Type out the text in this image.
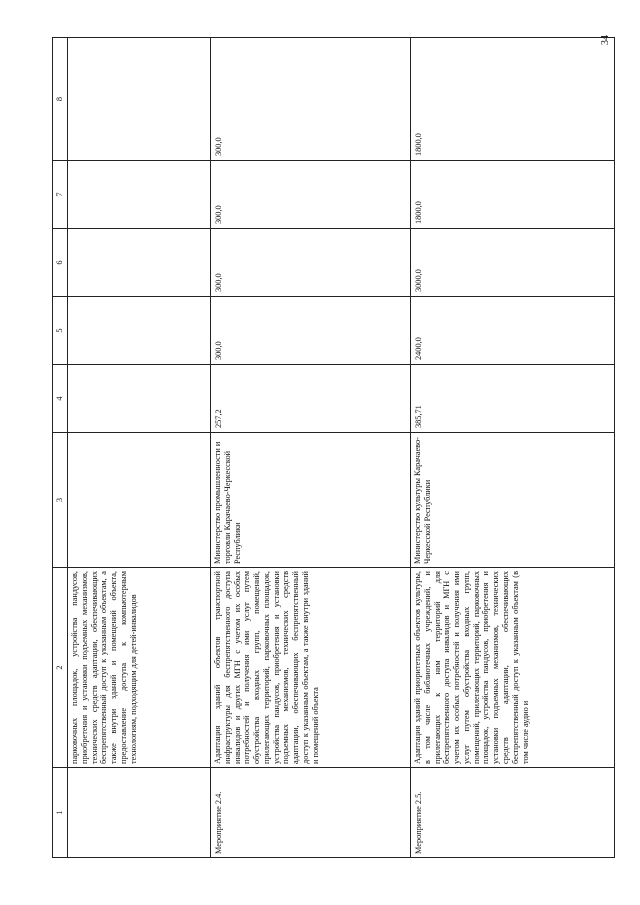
34
1	2	3	4	5	6	7	8
	парковочных площадок, устройства пандусов, приобретения и установки подъемных механизмов, технических средств адаптации, обеспечивающих беспрепятственный доступ к указанным объектам, а также внутри зданий и помещений объекта, предоставление доступа к компьютерным технологиям, подходящим для детей-инвалидов						
Мероприятие 2.4.	Адаптация зданий объектов транспортной инфраструктуры для беспрепятственного доступа инвалидов и других МГН с учетом их особых потребностей и получения ими услуг путем обустройства входных групп, помещений, прилегающих территорий, парковочных площадок, устройства пандусов, приобретения и установки подъемных механизмов, технических средств адаптации, обеспечивающих беспрепятственный доступ к указанным объектам, а также внутри зданий и помещений объекта	Министерство промышленности и торговли Карачаево-Черкесской Республики	257,2	300,0	300,0	300,0	300,0
Мероприятие 2.5.	Адаптация зданий приоритетных объектов культуры, в том числе библиотечных учреждений, и прилегающих к ним территорий для беспрепятственного доступа инвалидов и МГН с учетом их особых потребностей и получения ими услуг путем обустройства входных групп, помещений, прилегающих территорий, парковочных площадок, устройства пандусов, приобретения и установки подъемных механизмов, технических средств адаптации, обеспечивающих беспрепятственный доступ к указанным объектам (в том числе аудио и	Министерство культуры Карачаево-Черкесской Республики	385,71	2400,0	3000,0	1800,0	1800,0
